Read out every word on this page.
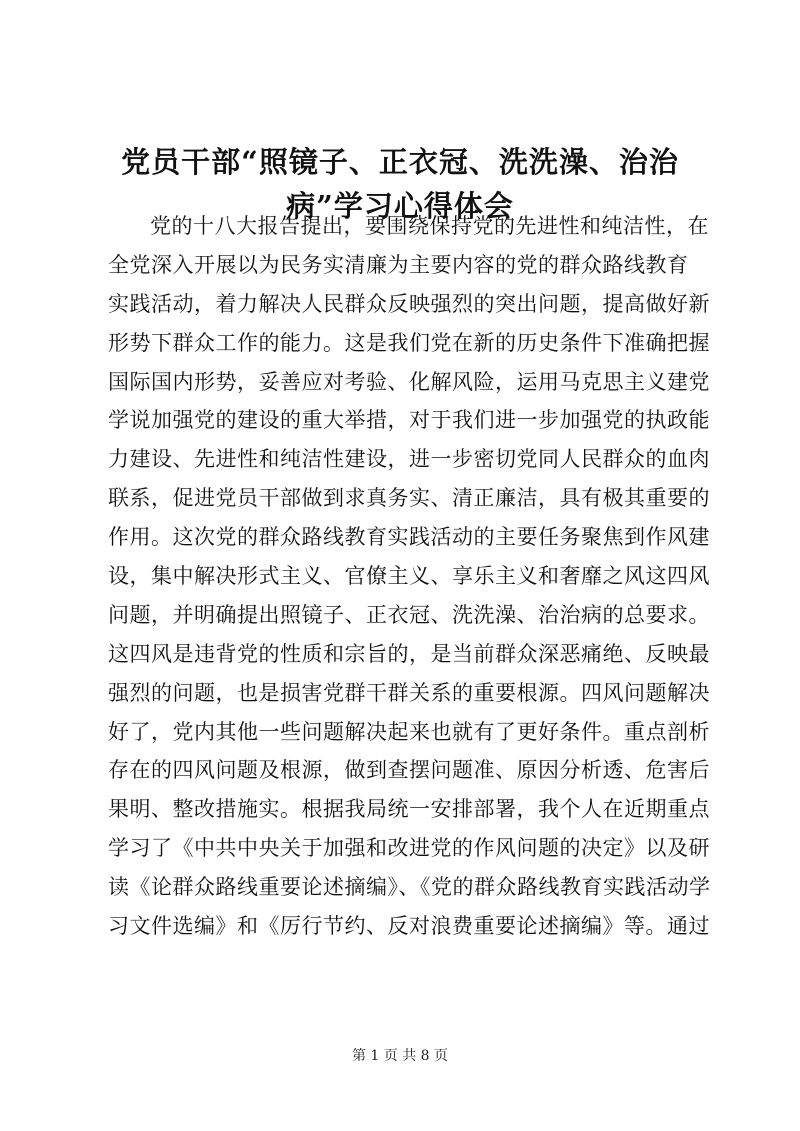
党员干部“照镜子、正衣冠、洗洗澡、治治
病”学习心得体会
党的十八大报告提出，要围绕保持党的先进性和纯洁性，在
全党深入开展以为民务实清廉为主要内容的党的群众路线教育
实践活动，着力解决人民群众反映强烈的突出问题，提高做好新
形势下群众工作的能力。这是我们党在新的历史条件下准确把握
国际国内形势，妥善应对考验、化解风险，运用马克思主义建党
学说加强党的建设的重大举措，对于我们进一步加强党的执政能
力建设、先进性和纯洁性建设，进一步密切党同人民群众的血肉
联系，促进党员干部做到求真务实、清正廉洁，具有极其重要的
作用。这次党的群众路线教育实践活动的主要任务聚焦到作风建
设，集中解决形式主义、官僚主义、享乐主义和奢靡之风这四风
问题，并明确提出照镜子、正衣冠、洗洗澡、治治病的总要求。
这四风是违背党的性质和宗旨的，是当前群众深恶痛绝、反映最
强烈的问题，也是损害党群干群关系的重要根源。四风问题解决
好了，党内其他一些问题解决起来也就有了更好条件。重点剖析
存在的四风问题及根源，做到查摆问题准、原因分析透、危害后
果明、整改措施实。根据我局统一安排部署，我个人在近期重点
学习了《中共中央关于加强和改进党的作风问题的决定》以及研
读《论群众路线重要论述摘编》、《党的群众路线教育实践活动学
习文件选编》和《厉行节约、反对浪费重要论述摘编》等。通过
第 1 页 共 8 页
